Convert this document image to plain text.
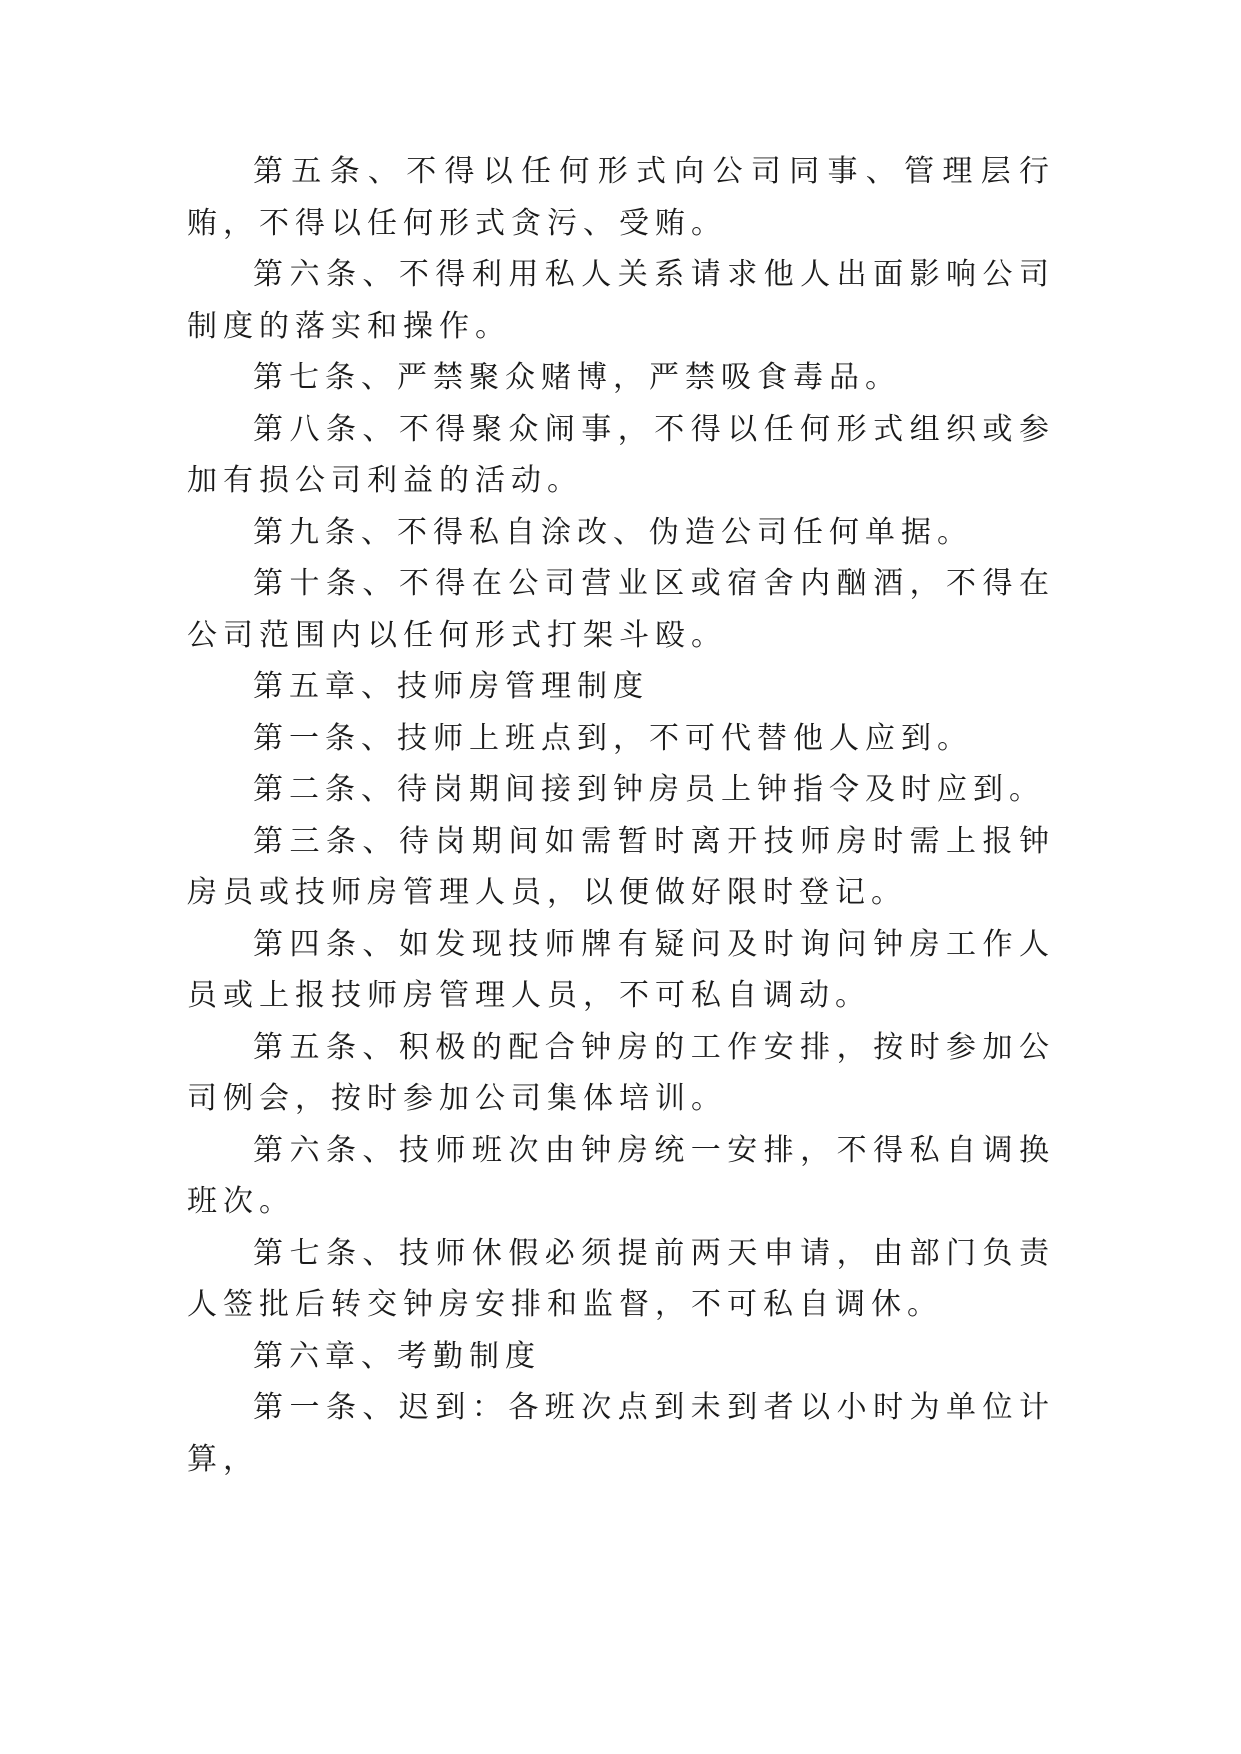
第五条、不得以任何形式向公司同事、管理层行贿，不得以任何形式贪污、受贿。

第六条、不得利用私人关系请求他人出面影响公司制度的落实和操作。

第七条、严禁聚众赌博，严禁吸食毒品。

第八条、不得聚众闹事，不得以任何形式组织或参加有损公司利益的活动。

第九条、不得私自涂改、伪造公司任何单据。

第十条、不得在公司营业区或宿舍内酗酒，不得在公司范围内以任何形式打架斗殴。

第五章、技师房管理制度

第一条、技师上班点到，不可代替他人应到。

第二条、待岗期间接到钟房员上钟指令及时应到。

第三条、待岗期间如需暂时离开技师房时需上报钟房员或技师房管理人员，以便做好限时登记。

第四条、如发现技师牌有疑问及时询问钟房工作人员或上报技师房管理人员，不可私自调动。

第五条、积极的配合钟房的工作安排，按时参加公司例会，按时参加公司集体培训。

第六条、技师班次由钟房统一安排，不得私自调换班次。

第七条、技师休假必须提前两天申请，由部门负责人签批后转交钟房安排和监督，不可私自调休。

第六章、考勤制度

第一条、迟到：各班次点到未到者以小时为单位计算，
